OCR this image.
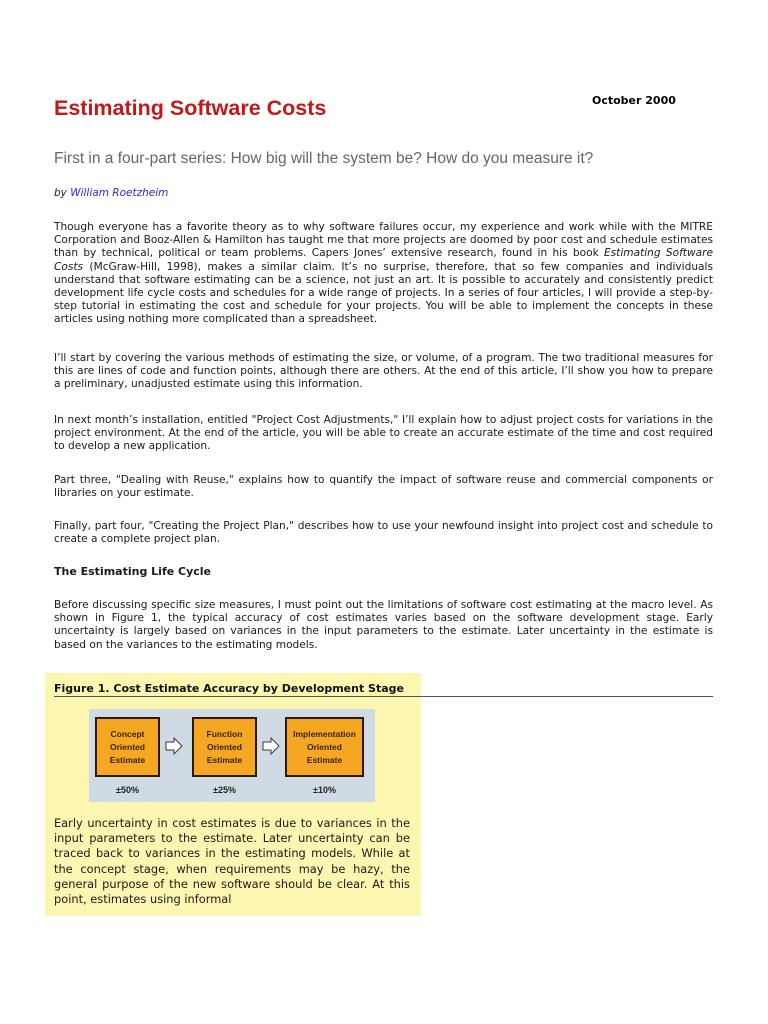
October 2000
Estimating Software Costs
First in a four-part series: How big will the system be? How do you measure it?
by William Roetzheim

Though everyone has a favorite theory as to why software failures occur, my experience and work while with the MITRE Corporation and Booz-Allen & Hamilton has taught me that more projects are doomed by poor cost and schedule estimates than by technical, political or team problems. Capers Jones’ extensive research, found in his book Estimating Software Costs (McGraw-Hill, 1998), makes a similar claim. It’s no surprise, therefore, that so few companies and individuals understand that software estimating can be a science, not just an art. It is possible to accurately and consistently predict development life cycle costs and schedules for a wide range of projects. In a series of four articles, I will provide a step-by-step tutorial in estimating the cost and schedule for your projects. You will be able to implement the concepts in these articles using nothing more complicated than a spreadsheet.

I’ll start by covering the various methods of estimating the size, or volume, of a program. The two traditional measures for this are lines of code and function points, although there are others. At the end of this article, I’ll show you how to prepare a preliminary, unadjusted estimate using this information.

In next month’s installation, entitled "Project Cost Adjustments," I’ll explain how to adjust project costs for variations in the project environment. At the end of the article, you will be able to create an accurate estimate of the time and cost required to develop a new application.

Part three, "Dealing with Reuse," explains how to quantify the impact of software reuse and commercial components or libraries on your estimate.

Finally, part four, "Creating the Project Plan," describes how to use your newfound insight into project cost and schedule to create a complete project plan.

The Estimating Life Cycle

Before discussing specific size measures, I must point out the limitations of software cost estimating at the macro level. As shown in Figure 1, the typical accuracy of cost estimates varies based on the software development stage. Early uncertainty is largely based on variances in the input parameters to the estimate. Later uncertainty in the estimate is based on the variances to the estimating models.

Figure 1. Cost Estimate Accuracy by Development Stage
Concept
Oriented
Estimate
Function
Oriented
Estimate
Implementation
Oriented
Estimate
±50%	±25%	±10%

Early uncertainty in cost estimates is due to variances in the input parameters to the estimate. Later uncertainty can be traced back to variances in the estimating models. While at the concept stage, when requirements may be hazy, the general purpose of the new software should be clear. At this point, estimates using informal
